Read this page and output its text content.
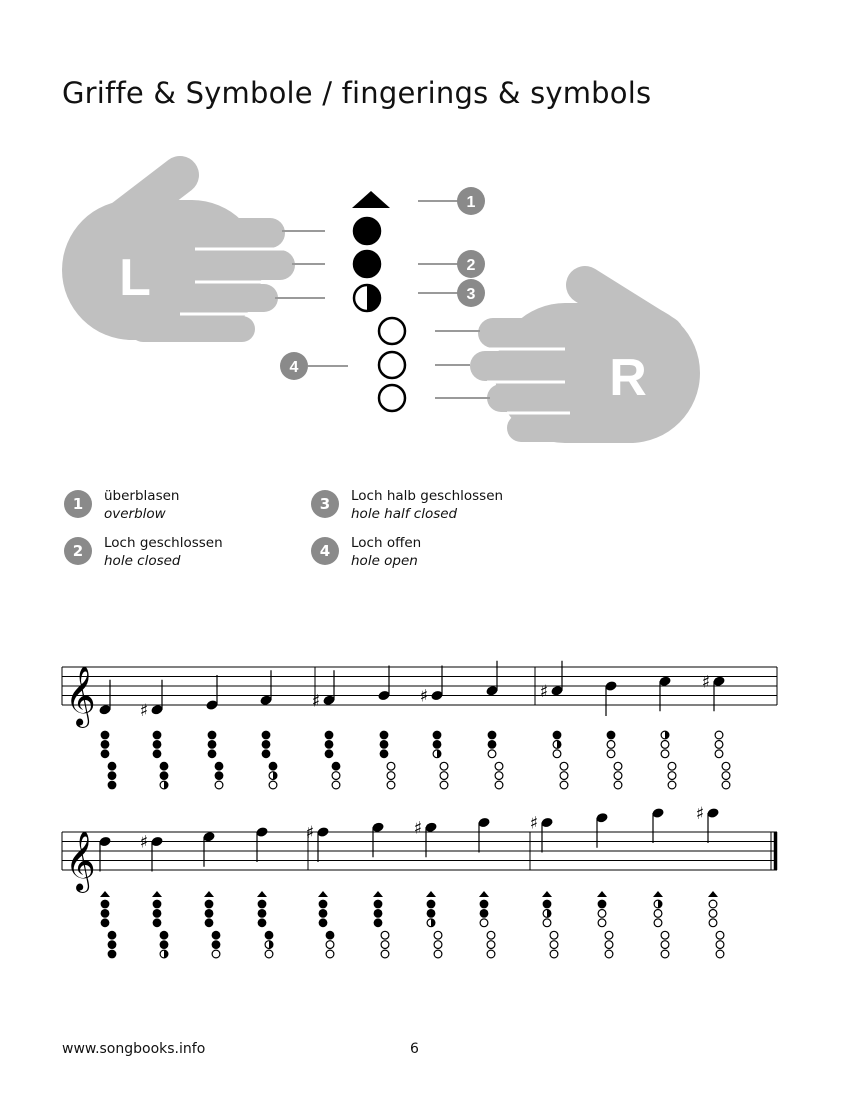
Griffe & Symbole / fingerings & symbols
L
R
1
2
3
4
1	überblasen
overblow
2	Loch geschlossen
hole closed
3	Loch halb geschlossen
hole half closed
4	Loch offen
hole open
𝄞	♯	♯	♯	♯	♯
𝄞	♯	♯	♯	♯	♯
www.songbooks.info	6
